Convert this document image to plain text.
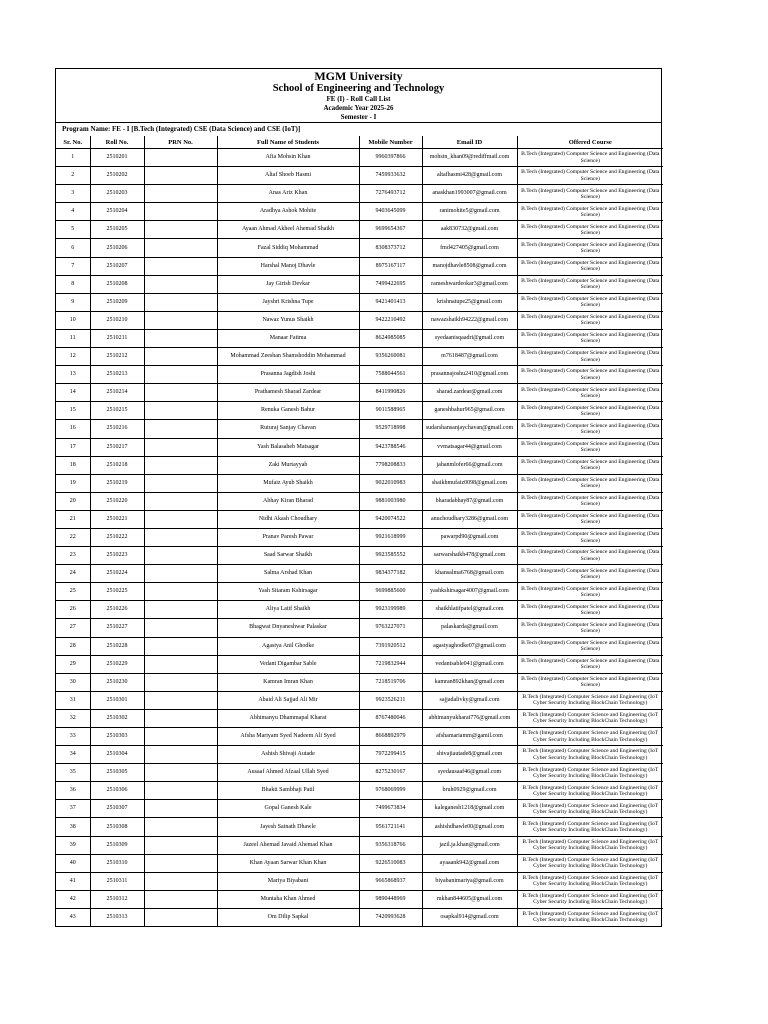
MGM University
School of Engineering and Technology
FE (I) - Roll Call List
Academic Year 2025-26
Semester - I
Program Name: FE - I [B.Tech (Integrated) CSE (Data Science) and CSE (IoT)]
Sr. No.	Roll No.	PRN No.	Full Name of Students	Mobile Number	Email ID	Offered Course
1	2510201		Afia Mohsin Khan	9960397866	mohsin_khan09@rediffmail.com	B.Tech (Integrated) Computer Science and Engineering (Data Science)
2	2510202		Altaf Shoeb Hasmi	7459933632	altafhasmi428@gmail.com	B.Tech (Integrated) Computer Science and Engineering (Data Science)
3	2510203		Anas Ariz Khan	7276493712	anaskhan1993007@gmail.com	B.Tech (Integrated) Computer Science and Engineering (Data Science)
4	2510204		Aradhya Ashok Mohite	9403645099	ranimohite5@gmail.com	B.Tech (Integrated) Computer Science and Engineering (Data Science)
5	2510205		Ayaan Ahmad Akheel Ahemad Shaikh	9699654367	aak830732@gmail.com	B.Tech (Integrated) Computer Science and Engineering (Data Science)
6	2510206		Fazal Siddiq Mohammad	8308373712	fmd427405@gmail.com	B.Tech (Integrated) Computer Science and Engineering (Data Science)
7	2510207		Harshal Manoj Dhavle	8975167117	manojdhavle8508@gmail.com	B.Tech (Integrated) Computer Science and Engineering (Data Science)
8	2510208		Jay Girish Devkar	7499422695	rameshwardeokar3@gmail.com	B.Tech (Integrated) Computer Science and Engineering (Data Science)
9	2510209		Jayshri Krishna Tupe	9421401413	krishnatupe25@gmail.com	B.Tech (Integrated) Computer Science and Engineering (Data Science)
10	2510210		Nawaz Yunus Shaikh	9422210492	nawazshaikh94222@gmail.com	B.Tech (Integrated) Computer Science and Engineering (Data Science)
11	2510211		Manaar Fatima	8624985085	syedaanisqaadri@gmail.com	B.Tech (Integrated) Computer Science and Engineering (Data Science)
12	2510212		Mohammad Zeeshan Shamshoddin Mohammad	9356260081	m7618487@gmail.com	B.Tech (Integrated) Computer Science and Engineering (Data Science)
13	2510213		Prasanna Jagdish Joshi	7588044561	prasannajoshu2410@gmail.com	B.Tech (Integrated) Computer Science and Engineering (Data Science)
14	2510214		Prathamesh Sharad Zardear	8411990826	sharad.zardear@gmail.com	B.Tech (Integrated) Computer Science and Engineering (Data Science)
15	2510215		Renuka Ganesh Bahur	9011588965	ganeshbahur965@gmail.com	B.Tech (Integrated) Computer Science and Engineering (Data Science)
16	2510216		Ruturaj Sanjay Chavan	9529718998	sudarshansanjaychavan@gmail.com	B.Tech (Integrated) Computer Science and Engineering (Data Science)
17	2510217		Yash Balasaheb Matsagar	9423788546	vvmatsagar44@gmail.com	B.Tech (Integrated) Computer Science and Engineering (Data Science)
18	2510218		Zaki Murtayyab	7798208833	jahanmlofer66@gmail.com	B.Tech (Integrated) Computer Science and Engineering (Data Science)
19	2510219		Mufaiz Ayub Shaikh	9022010983	shaikhmufaiz0098@gmail.com	B.Tech (Integrated) Computer Science and Engineering (Data Science)
20	2510220		Abhay Kiran Bharad	9881003980	bharadabhay87@gmail.com	B.Tech (Integrated) Computer Science and Engineering (Data Science)
21	2510221		Nidhi Akash Choudhary	9420074522	anuchoudhary3286@gmail.com	B.Tech (Integrated) Computer Science and Engineering (Data Science)
22	2510222		Pranav Paresh Pawar	9921618999	pawarpd90@gmail.com	B.Tech (Integrated) Computer Science and Engineering (Data Science)
23	2510223		Saad Sarwar Shaikh	9923585552	sarwarshaikh478@gmail.com	B.Tech (Integrated) Computer Science and Engineering (Data Science)
24	2510224		Salma Arshad Khan	9834377182	khansalma6768@gmail.com	B.Tech (Integrated) Computer Science and Engineering (Data Science)
25	2510225		Yash Sitaram Kshirsagar	9699885600	yashkshirsagar4007@gmail.com	B.Tech (Integrated) Computer Science and Engineering (Data Science)
26	2510226		Aliya Latif Shaikh	9923199989	shaikhlatifpatel@gmail.com	B.Tech (Integrated) Computer Science and Engineering (Data Science)
27	2510227		Bhagwat Dnyaneshwar Palaskar	9763227071	palaskarda@gmail.com	B.Tech (Integrated) Computer Science and Engineering (Data Science)
28	2510228		Agastya Anil Ghodke	7391920512	agastyaghodke07@gmail.com	B.Tech (Integrated) Computer Science and Engineering (Data Science)
29	2510229		Vedant Digambar Sable	7219832944	vedantsable041@gmail.com	B.Tech (Integrated) Computer Science and Engineering (Data Science)
30	2510230		Kamran Imran Khan	7218519706	kamran892khan@gmail.com	B.Tech (Integrated) Computer Science and Engineering (Data Science)
31	2510301		Abaid Ali Sajjad Ali Mir	9923526211	sajjadalivky@gmail.com	B.Tech (Integrated) Computer Science and Engineering (IoT Cyber Security Including BlockChain Technology)
32	2510302		Abhimanyu Dhammapal Kharat	8767480046	abhimanyukharat776@gmail.com	B.Tech (Integrated) Computer Science and Engineering (IoT Cyber Security Including BlockChain Technology)
33	2510303		Afsha Mariyam Syed Nadeem Ali Syed	8668892979	afshamariamm@gamil.com	B.Tech (Integrated) Computer Science and Engineering (IoT Cyber Security Including BlockChain Technology)
34	2510304		Ashish Shivaji Autade	7972299415	shivajiautade8@gmail.com	B.Tech (Integrated) Computer Science and Engineering (IoT Cyber Security Including BlockChain Technology)
35	2510305		Ausaaf Ahmed Afzaal Ullah Syed	8275230167	syedausaaf46@gmail.com	B.Tech (Integrated) Computer Science and Engineering (IoT Cyber Security Including BlockChain Technology)
36	2510306		Bhakti Sambhaji Patil	9768069999	bruh0929@gmail.com	B.Tech (Integrated) Computer Science and Engineering (IoT Cyber Security Including BlockChain Technology)
37	2510307		Gopal Ganesh Kale	7499673834	kaleganesh1218@gmail.com	B.Tech (Integrated) Computer Science and Engineering (IoT Cyber Security Including BlockChain Technology)
38	2510308		Jayesh Sainath Dhawle	9561721141	ashishdhawle00@gmail.com	B.Tech (Integrated) Computer Science and Engineering (IoT Cyber Security Including BlockChain Technology)
39	2510309		Jazeel Ahemad Javaid Ahemad Khan	9356318766	jazil.ja.khan@gmail.com	B.Tech (Integrated) Computer Science and Engineering (IoT Cyber Security Including BlockChain Technology)
40	2510310		Khan Ayaan Sarwar Khan Khan	9226510083	ayaaank942@gmail.com	B.Tech (Integrated) Computer Science and Engineering (IoT Cyber Security Including BlockChain Technology)
41	2510311		Mariya Biyabani	9665868937	biyabanimariya@gmail.com	B.Tech (Integrated) Computer Science and Engineering (IoT Cyber Security Including BlockChain Technology)
42	2510312		Muntaha Khan Ahmed	9890448969	mkhan844605@gmail.com	B.Tech (Integrated) Computer Science and Engineering (IoT Cyber Security Including BlockChain Technology)
43	2510313		Om Dilip Sapkal	7420993628	osapkal914@gmail.com	B.Tech (Integrated) Computer Science and Engineering (IoT Cyber Security Including BlockChain Technology)
